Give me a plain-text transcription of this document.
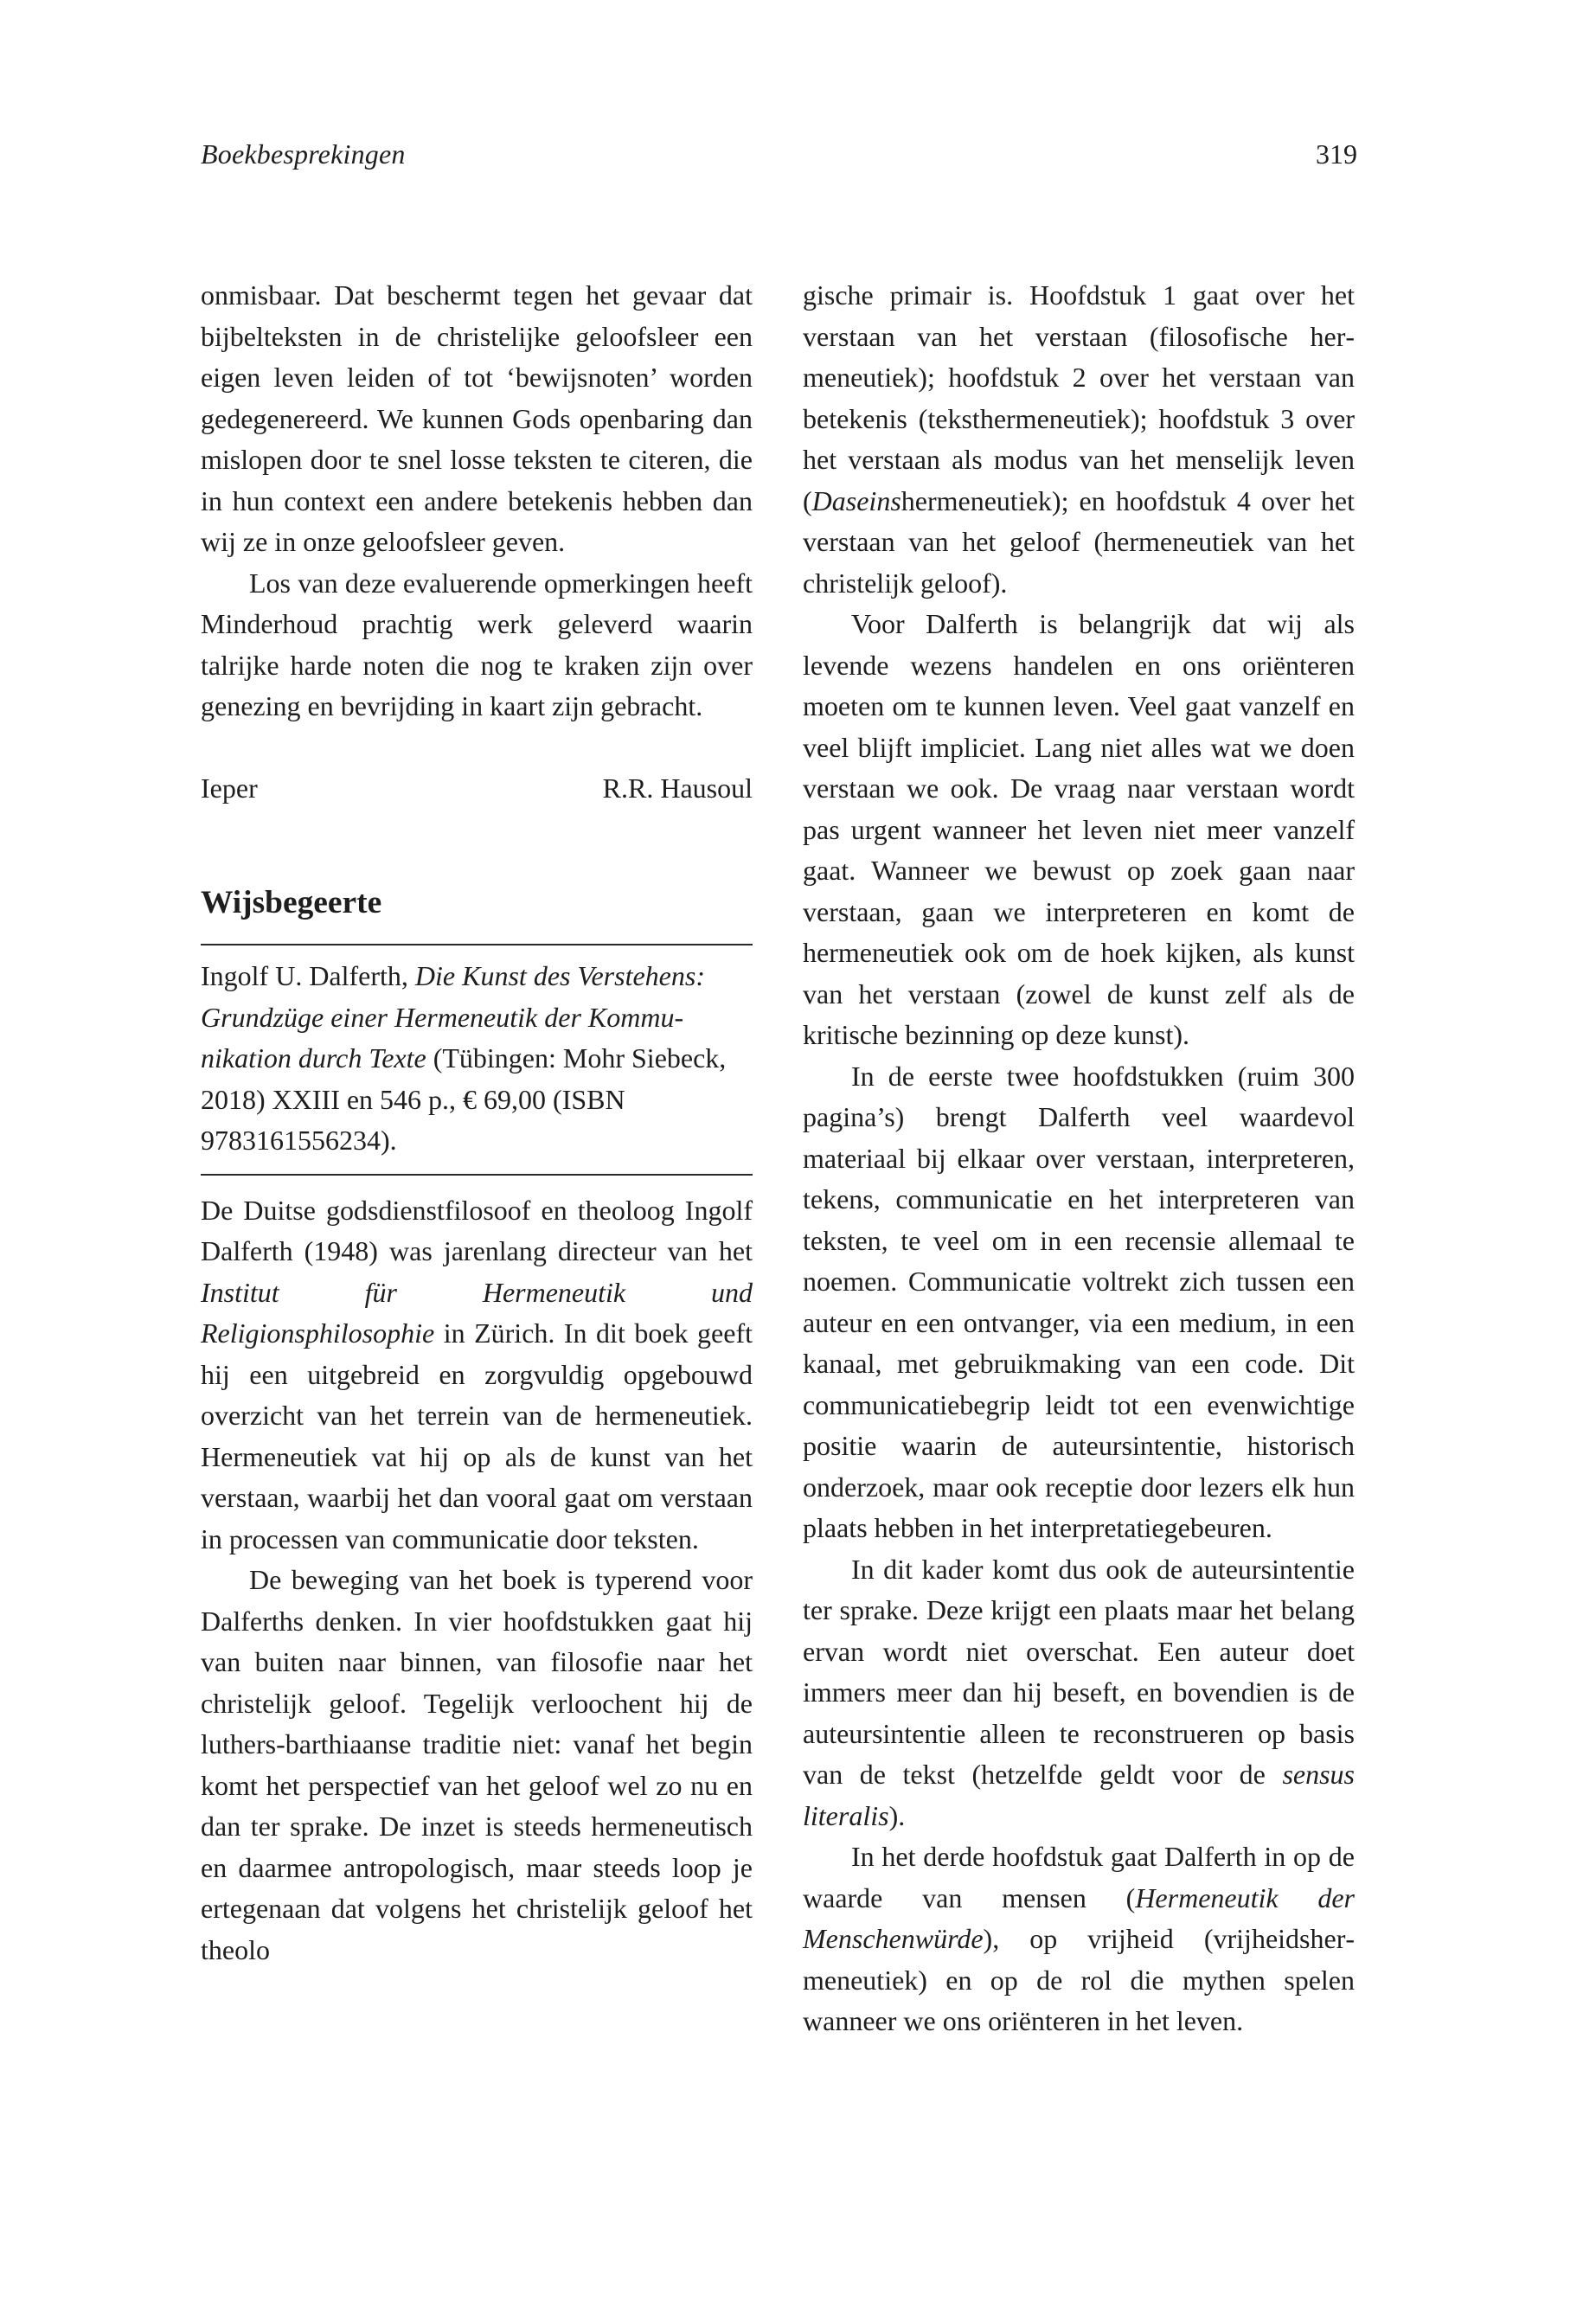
Boekbesprekingen	319

onmisbaar. Dat beschermt tegen het gevaar dat bijbelteksten in de christelijke geloofsleer een eigen leven leiden of tot ‘bewijsnoten’ worden gedegenereerd. We kunnen Gods openbaring dan mislopen door te snel losse teksten te citeren, die in hun context een andere betekenis hebben dan wij ze in onze geloofsleer geven.

Los van deze evaluerende opmerkingen heeft Minderhoud prachtig werk geleverd waarin talrijke harde noten die nog te kraken zijn over genezing en bevrijding in kaart zijn gebracht.

Ieper	R.R. Hausoul
Wijsbegeerte

Ingolf U. Dalferth, Die Kunst des Verstehens: Grundzüge einer Hermeneutik der Kommunikation durch Texte (Tübingen: Mohr Siebeck, 2018) XXIII en 546 p., € 69,00 (ISBN 9783161556234).

De Duitse godsdienstfilosoof en theoloog Ingolf Dalferth (1948) was jarenlang directeur van het Institut für Hermeneutik und Religionsphilosophie in Zürich. In dit boek geeft hij een uitgebreid en zorgvuldig opgebouwd overzicht van het terrein van de hermeneutiek. Hermeneutiek vat hij op als de kunst van het verstaan, waarbij het dan vooral gaat om verstaan in processen van communicatie door teksten.

De beweging van het boek is typerend voor Dalferths denken. In vier hoofdstukken gaat hij van buiten naar binnen, van filosofie naar het christelijk geloof. Tegelijk verloochent hij de luthers-barthiaanse traditie niet: vanaf het begin komt het perspectief van het geloof wel zo nu en dan ter sprake. De inzet is steeds hermeneutisch en daarmee antropologisch, maar steeds loop je ertegenaan dat volgens het christelijk geloof het theolo

gische primair is. Hoofdstuk 1 gaat over het verstaan van het verstaan (filosofische hermeneutiek); hoofdstuk 2 over het verstaan van betekenis (teksthermeneutiek); hoofdstuk 3 over het verstaan als modus van het menselijk leven (Daseinshermeneutiek); en hoofdstuk 4 over het verstaan van het geloof (hermeneutiek van het christelijk geloof).

Voor Dalferth is belangrijk dat wij als levende wezens handelen en ons oriënteren moeten om te kunnen leven. Veel gaat vanzelf en veel blijft impliciet. Lang niet alles wat we doen verstaan we ook. De vraag naar verstaan wordt pas urgent wanneer het leven niet meer vanzelf gaat. Wanneer we bewust op zoek gaan naar verstaan, gaan we interpreteren en komt de hermeneutiek ook om de hoek kijken, als kunst van het verstaan (zowel de kunst zelf als de kritische bezinning op deze kunst).

In de eerste twee hoofdstukken (ruim 300 pagina’s) brengt Dalferth veel waardevol materiaal bij elkaar over verstaan, interpreteren, tekens, communicatie en het interpreteren van teksten, te veel om in een recensie allemaal te noemen. Communicatie voltrekt zich tussen een auteur en een ontvanger, via een medium, in een kanaal, met gebruikmaking van een code. Dit communicatiebegrip leidt tot een evenwichtige positie waarin de auteursintentie, historisch onderzoek, maar ook receptie door lezers elk hun plaats hebben in het interpretatiegebeuren.

In dit kader komt dus ook de auteursintentie ter sprake. Deze krijgt een plaats maar het belang ervan wordt niet overschat. Een auteur doet immers meer dan hij beseft, en bovendien is de auteursintentie alleen te reconstrueren op basis van de tekst (hetzelfde geldt voor de sensus literalis).

In het derde hoofdstuk gaat Dalferth in op de waarde van mensen (Hermeneutik der Menschenwürde), op vrijheid (vrijheidshermeneutiek) en op de rol die mythen spelen wanneer we ons oriënteren in het leven.
